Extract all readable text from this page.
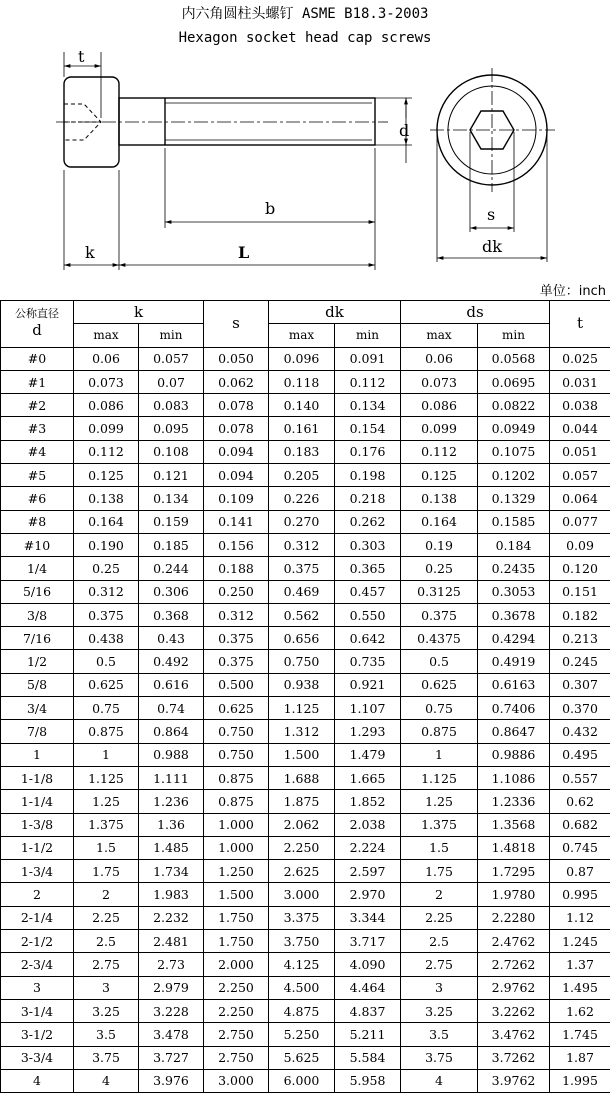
内六角圆柱头螺钉 ASME B18.3-2003
Hexagon socket head cap screws
t
d
b
k	L
s
dk
单位：inch
公称直径
d	k		s	dk		ds		t
	max	min		max	min	max	min	
#0	0.06	0.057	0.050	0.096	0.091	0.06	0.0568	0.025
#1	0.073	0.07	0.062	0.118	0.112	0.073	0.0695	0.031
#2	0.086	0.083	0.078	0.140	0.134	0.086	0.0822	0.038
#3	0.099	0.095	0.078	0.161	0.154	0.099	0.0949	0.044
#4	0.112	0.108	0.094	0.183	0.176	0.112	0.1075	0.051
#5	0.125	0.121	0.094	0.205	0.198	0.125	0.1202	0.057
#6	0.138	0.134	0.109	0.226	0.218	0.138	0.1329	0.064
#8	0.164	0.159	0.141	0.270	0.262	0.164	0.1585	0.077
#10	0.190	0.185	0.156	0.312	0.303	0.19	0.184	0.09
1/4	0.25	0.244	0.188	0.375	0.365	0.25	0.2435	0.120
5/16	0.312	0.306	0.250	0.469	0.457	0.3125	0.3053	0.151
3/8	0.375	0.368	0.312	0.562	0.550	0.375	0.3678	0.182
7/16	0.438	0.43	0.375	0.656	0.642	0.4375	0.4294	0.213
1/2	0.5	0.492	0.375	0.750	0.735	0.5	0.4919	0.245
5/8	0.625	0.616	0.500	0.938	0.921	0.625	0.6163	0.307
3/4	0.75	0.74	0.625	1.125	1.107	0.75	0.7406	0.370
7/8	0.875	0.864	0.750	1.312	1.293	0.875	0.8647	0.432
1	1	0.988	0.750	1.500	1.479	1	0.9886	0.495
1-1/8	1.125	1.111	0.875	1.688	1.665	1.125	1.1086	0.557
1-1/4	1.25	1.236	0.875	1.875	1.852	1.25	1.2336	0.62
1-3/8	1.375	1.36	1.000	2.062	2.038	1.375	1.3568	0.682
1-1/2	1.5	1.485	1.000	2.250	2.224	1.5	1.4818	0.745
1-3/4	1.75	1.734	1.250	2.625	2.597	1.75	1.7295	0.87
2	2	1.983	1.500	3.000	2.970	2	1.9780	0.995
2-1/4	2.25	2.232	1.750	3.375	3.344	2.25	2.2280	1.12
2-1/2	2.5	2.481	1.750	3.750	3.717	2.5	2.4762	1.245
2-3/4	2.75	2.73	2.000	4.125	4.090	2.75	2.7262	1.37
3	3	2.979	2.250	4.500	4.464	3	2.9762	1.495
3-1/4	3.25	3.228	2.250	4.875	4.837	3.25	3.2262	1.62
3-1/2	3.5	3.478	2.750	5.250	5.211	3.5	3.4762	1.745
3-3/4	3.75	3.727	2.750	5.625	5.584	3.75	3.7262	1.87
4	4	3.976	3.000	6.000	5.958	4	3.9762	1.995
